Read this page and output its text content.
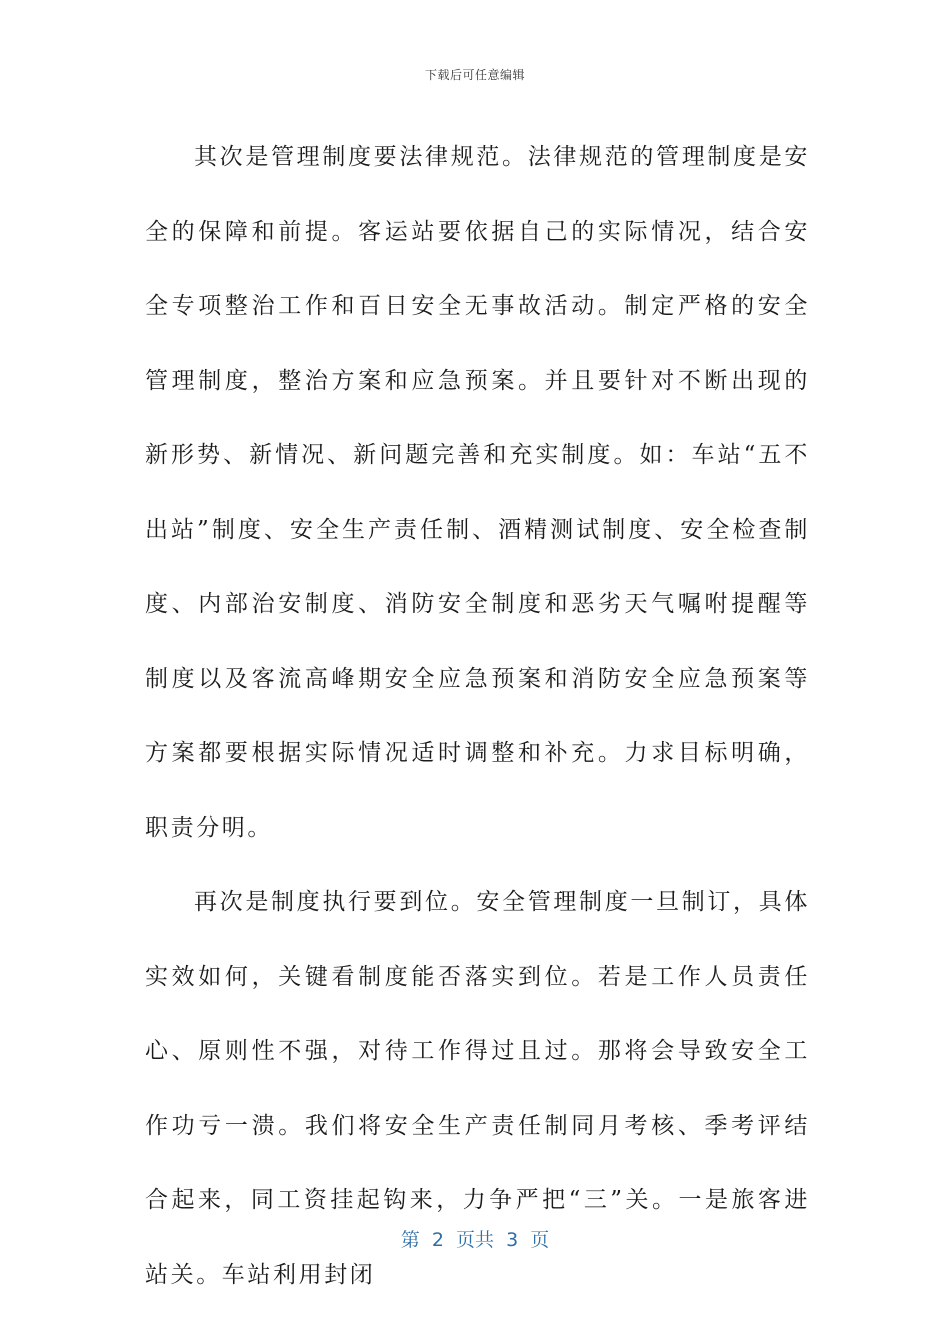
下载后可任意编辑

其次是管理制度要法律规范。法律规范的管理制度是安全的保障和前提。客运站要依据自己的实际情况，结合安全专项整治工作和百日安全无事故活动。制定严格的安全管理制度，整治方案和应急预案。并且要针对不断出现的新形势、新情况、新问题完善和充实制度。如：车站“五不出站”制度、安全生产责任制、酒精测试制度、安全检查制度、内部治安制度、消防安全制度和恶劣天气嘱咐提醒等制度以及客流高峰期安全应急预案和消防安全应急预案等方案都要根据实际情况适时调整和补充。力求目标明确，职责分明。

再次是制度执行要到位。安全管理制度一旦制订，具体实效如何，关键看制度能否落实到位。若是工作人员责任心、原则性不强，对待工作得过且过。那将会导致安全工作功亏一溃。我们将安全生产责任制同月考核、季考评结合起来，同工资挂起钩来，力争严把“三”关。一是旅客进站关。车站利用封闭

第  2  页共  3  页
